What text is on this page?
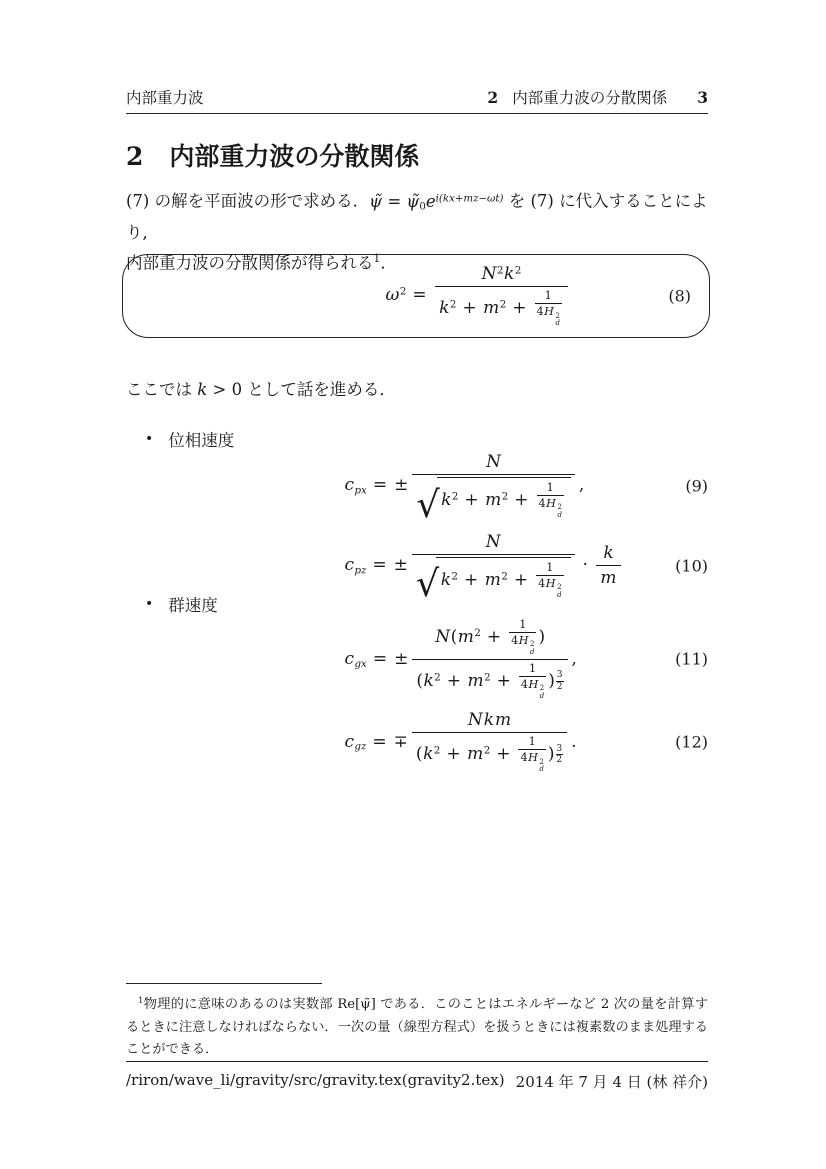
内部重力波	2 内部重力波の分散関係 3
2 内部重力波の分散関係

(7) の解を平面波の形で求める．ψ̃ = $\psĩ0e^{i(kx+mz-\omega t)}$ を (7) に代入することにより,
内部重力波の分散関係が得られる$^1$．

$\omega^2 = N^2k^2$
$k^2 + m^2 + 1$
4H 2
d	(8)

ここでは k > 0 として話を進める．

• 位相速度
$c_{px}$ = ± N
√ $k^2 + m^2 + 1$
4H 2
d ,	(9)
$c_{pz}$ = ± N
√ $k^2 + m^2 + 1$
4H 2
$d \cdot \frac{k}{m}$	(10)
• 群速度
$c_{gx}$ = ± $N(m^2 + 1$
4H 2
d )
($k^2 + m^2 + 1$
4H 2
d ) $\frac{3}{2}$ ,	(11)
$c_{gz}$ = ∓ Nkm
($k^2 + m^2 + 1$
4H 2
d ) $\frac{3}{2}$ .	(12)

$^1$物理的に意味のあるのは実数部 Re[ψ̃] である．このことはエネルギーなど 2 次の量を計算するときに注意しなければならない．一次の量（線型方程式）を扱うときには複素数のまま処理することができる．

/riron/wave_li/gravity/src/gravity.tex(gravity2.tex) 2014 年 7 月 4 日 (林 祥介)
